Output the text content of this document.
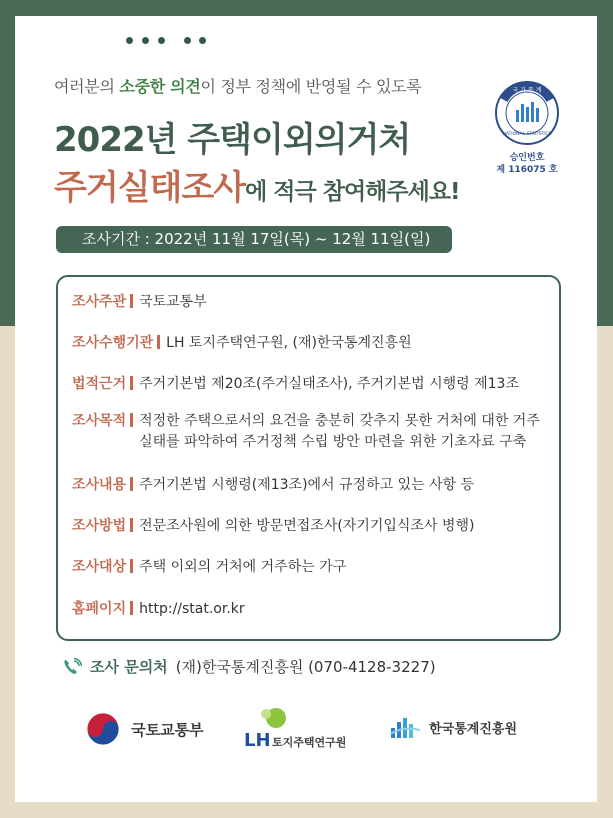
여러분의 소중한 의견이 정부 정책에 반영될 수 있도록
2022년 주택이외의거처
주거실태조사에 적극 참여해주세요!
국 가 통 계
NATIONAL STATISTICS
승인번호
제 116075 호
조사기간 : 2022년 11월 17일(목) ~ 12월 11일(일)
조사주관 국토교통부
조사수행기관 LH 토지주택연구원, (재)한국통계진흥원
법적근거 주거기본법 제20조(주거실태조사), 주거기본법 시행령 제13조
조사목적 적정한 주택으로서의 요건을 충분히 갖추지 못한 거처에 대한 거주
실태를 파악하여 주거정책 수립 방안 마련을 위한 기초자료 구축
조사내용 주거기본법 시행령(제13조)에서 규정하고 있는 사항 등
조사방법 전문조사원에 의한 방문면접조사(자기기입식조사 병행)
조사대상 주택 이외의 거처에 거주하는 가구
홈페이지 http://stat.or.kr
조사 문의처 (재)한국통계진흥원 (070-4128-3227)
국토교통부
LH 토지주택연구원
한국통계진흥원
